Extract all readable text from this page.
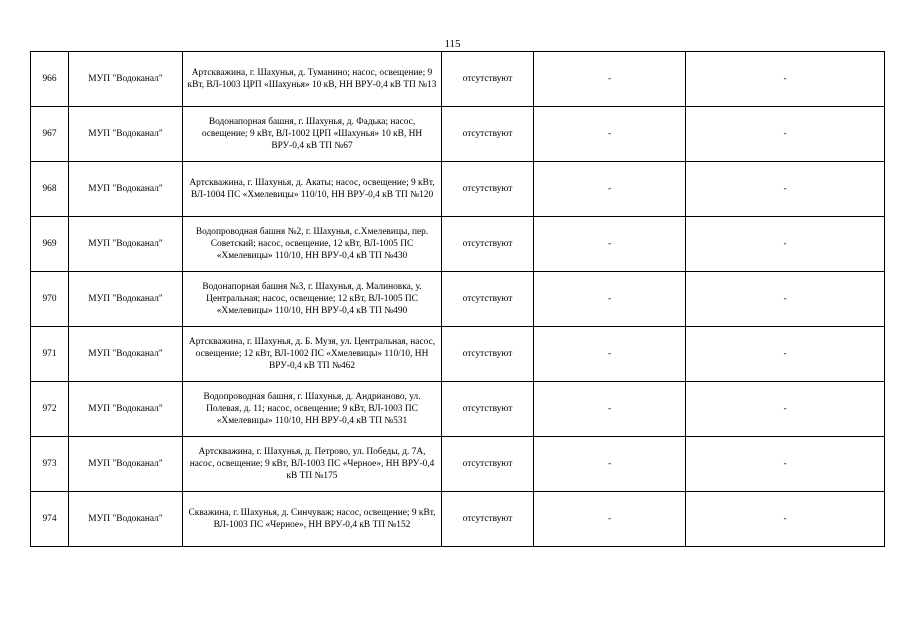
115
966	МУП "Водоканал"	Артскважина, г. Шахунья, д. Туманино; насос, освещение; 9 кВт, ВЛ-1003 ЦРП «Шахунья» 10 кВ, НН ВРУ-0,4 кВ ТП №13	отсутствуют	-	-
967	МУП "Водоканал"	Водонапорная башня, г. Шахунья, д. Фадька; насос, освещение; 9 кВт, ВЛ-1002 ЦРП «Шахунья» 10 кВ, НН ВРУ-0,4 кВ ТП №67	отсутствуют	-	-
968	МУП "Водоканал"	Артскважина, г. Шахунья, д. Акаты; насос, освещение; 9 кВт, ВЛ-1004 ПС «Хмелевицы» 110/10, НН ВРУ-0,4 кВ ТП №120	отсутствуют	-	-
969	МУП "Водоканал"	Водопроводная башня №2, г. Шахунья, с.Хмелевицы, пер. Советский; насос, освещение, 12 кВт, ВЛ-1005 ПС «Хмелевицы» 110/10, НН ВРУ-0,4 кВ ТП №430	отсутствуют	-	-
970	МУП "Водоканал"	Водонапорная башня №3, г. Шахунья, д. Малиновка, у. Центральная; насос, освещение; 12 кВт, ВЛ-1005 ПС «Хмелевицы» 110/10, НН ВРУ-0,4 кВ ТП №490	отсутствуют	-	-
971	МУП "Водоканал"	Артскважина, г. Шахунья, д. Б. Музя, ул. Центральная, насос, освещение; 12 кВт, ВЛ-1002 ПС «Хмелевицы» 110/10, НН ВРУ-0,4 кВ ТП №462	отсутствуют	-	-
972	МУП "Водоканал"	Водопроводная башня, г. Шахунья, д. Андрианово, ул. Полевая, д. 11; насос, освещение; 9 кВт, ВЛ-1003 ПС «Хмелевицы» 110/10, НН ВРУ-0,4 кВ ТП №531	отсутствуют	-	-
973	МУП "Водоканал"	Артскважина, г. Шахунья, д. Петрово, ул. Победы, д. 7А, насос, освещение; 9 кВт, ВЛ-1003 ПС «Черное», НН ВРУ-0,4 кВ ТП №175	отсутствуют	-	-
974	МУП "Водоканал"	Скважина, г. Шахунья, д. Синчуваж; насос, освещение; 9 кВт, ВЛ-1003 ПС «Черное», НН ВРУ-0,4 кВ ТП №152	отсутствуют	-	-
